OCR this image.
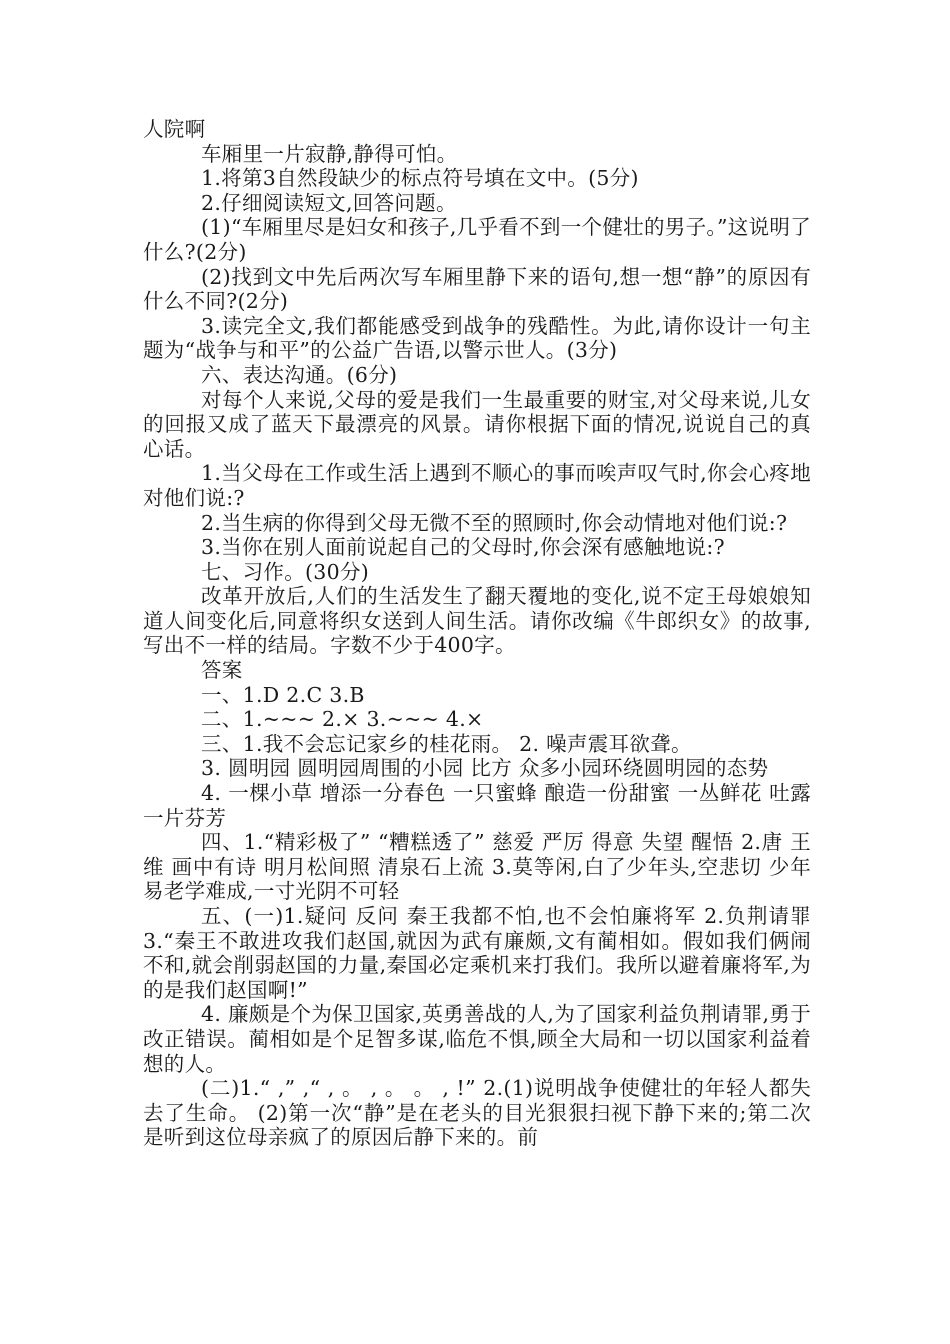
人院啊

车厢里一片寂静,静得可怕。

1.将第3自然段缺少的标点符号填在文中。(5分)

2.仔细阅读短文,回答问题。

(1)“车厢里尽是妇女和孩子,几乎看不到一个健壮的男子。”这说明了什么?(2分)

(2)找到文中先后两次写车厢里静下来的语句,想一想“静”的原因有什么不同?(2分)

3.读完全文,我们都能感受到战争的残酷性。为此,请你设计一句主题为“战争与和平”的公益广告语,以警示世人。(3分)

六、表达沟通。(6分)

对每个人来说,父母的爱是我们一生最重要的财宝,对父母来说,儿女的回报又成了蓝天下最漂亮的风景。请你根据下面的情况,说说自己的真心话。

1.当父母在工作或生活上遇到不顺心的事而唉声叹气时,你会心疼地对他们说:?

2.当生病的你得到父母无微不至的照顾时,你会动情地对他们说:?

3.当你在别人面前说起自己的父母时,你会深有感触地说:?

七、习作。(30分)

改革开放后,人们的生活发生了翻天覆地的变化,说不定王母娘娘知道人间变化后,同意将织女送到人间生活。请你改编《牛郎织女》的故事,写出不一样的结局。字数不少于400字。

答案

一、1.D 2.C 3.B

二、1.~~~ 2.× 3.~~~ 4.×

三、1.我不会忘记家乡的桂花雨。 2. 噪声震耳欲聋。

3. 圆明园 圆明园周围的小园 比方 众多小园环绕圆明园的态势

4. 一棵小草 增添一分春色 一只蜜蜂 酿造一份甜蜜 一丛鲜花 吐露一片芬芳

四、1.“精彩极了” “糟糕透了” 慈爱 严厉 得意 失望 醒悟 2.唐 王维 画中有诗 明月松间照 清泉石上流 3.莫等闲,白了少年头,空悲切 少年易老学难成,一寸光阴不可轻

五、(一)1.疑问 反问 秦王我都不怕,也不会怕廉将军 2.负荆请罪 3.“秦王不敢进攻我们赵国,就因为武有廉颇,文有蔺相如。假如我们俩闹不和,就会削弱赵国的力量,秦国必定乘机来打我们。我所以避着廉将军,为的是我们赵国啊!”

4. 廉颇是个为保卫国家,英勇善战的人,为了国家利益负荆请罪,勇于改正错误。蔺相如是个足智多谋,临危不惧,顾全大局和一切以国家利益着想的人。

(二)1.“ ,” ,“ , 。 , 。 。 , !” 2.(1)说明战争使健壮的年轻人都失去了生命。 (2)第一次“静”是在老头的目光狠狠扫视下静下来的;第二次是听到这位母亲疯了的原因后静下来的。前
